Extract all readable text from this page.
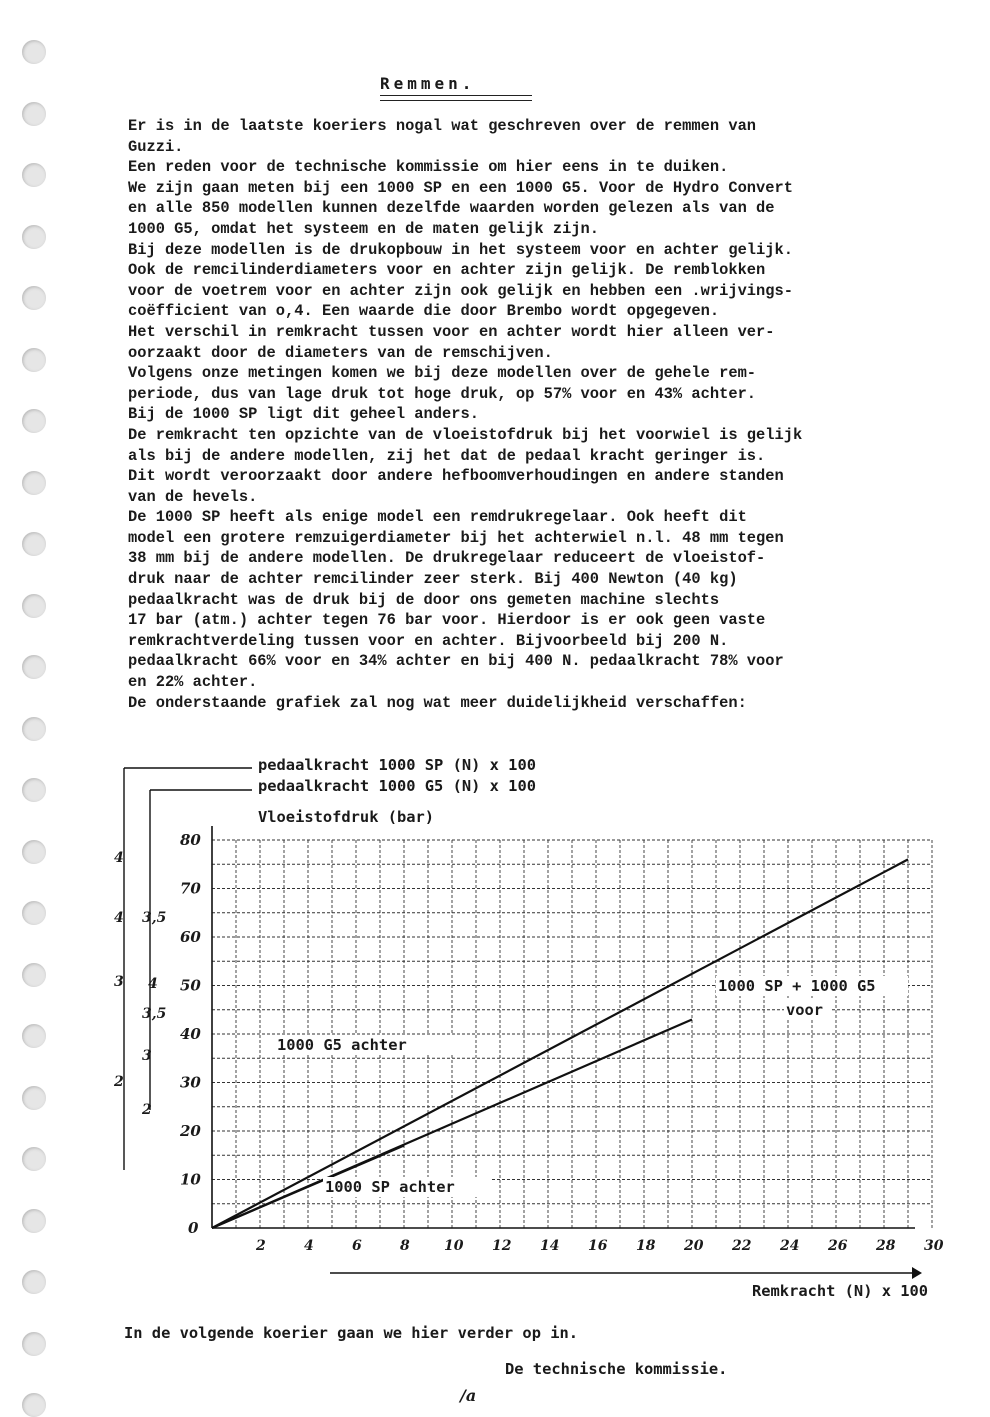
Remmen.
Er is in de laatste koeriers nogal wat geschreven over de remmen van
Guzzi.
Een reden voor de technische kommissie om hier eens in te duiken.
We zijn gaan meten bij een 1000 SP en een 1000 G5. Voor de Hydro Convert
en alle 850 modellen kunnen dezelfde waarden worden gelezen als van de
1000 G5, omdat het systeem en de maten gelijk zijn.
Bij deze modellen is de drukopbouw in het systeem voor en achter gelijk.
Ook de remcilinderdiameters voor en achter zijn gelijk. De remblokken
voor de voetrem voor en achter zijn ook gelijk en hebben een .wrijvings-
coëfficient van o,4. Een waarde die door Brembo wordt opgegeven.
Het verschil in remkracht tussen voor en achter wordt hier alleen ver-
oorzaakt door de diameters van de remschijven.
Volgens onze metingen komen we bij deze modellen over de gehele rem-
periode, dus van lage druk tot hoge druk, op 57% voor en 43% achter.
Bij de 1000 SP ligt dit geheel anders.
De remkracht ten opzichte van de vloeistofdruk bij het voorwiel is gelijk
als bij de andere modellen, zij het dat de pedaal kracht geringer is.
Dit wordt veroorzaakt door andere hefboomverhoudingen en andere standen
van de hevels.
De 1000 SP heeft als enige model een remdrukregelaar. Ook heeft dit
model een grotere remzuigerdiameter bij het achterwiel n.l. 48 mm tegen
38 mm bij de andere modellen. De drukregelaar reduceert de vloeistof-
druk naar de achter remcilinder zeer sterk. Bij 400 Newton (40 kg)
pedaalkracht was de druk bij de door ons gemeten machine slechts
17 bar (atm.) achter tegen 76 bar voor. Hierdoor is er ook geen vaste
remkrachtverdeling tussen voor en achter. Bijvoorbeeld bij 200 N.
pedaalkracht 66% voor en 34% achter en bij 400 N. pedaalkracht 78% voor
en 22% achter.
De onderstaande grafiek zal nog wat meer duidelijkheid verschaffen:
2	4	6	8 10 12 14 16 18 20 22 24 26 28 30
0
10
20
30
40
50
60
70
80
2
3
3,5
4
2
3 4
3,5
4
1000 SP + 1000 G5
voor
1000 G5 achter
1000 SP achter
pedaalkracht 1000 SP (N) x 100
pedaalkracht 1000 G5 (N) x 100
Vloeistofdruk (bar)
Remkracht (N) x 100
In de volgende koerier gaan we hier verder op in.
De technische kommissie.
/a
